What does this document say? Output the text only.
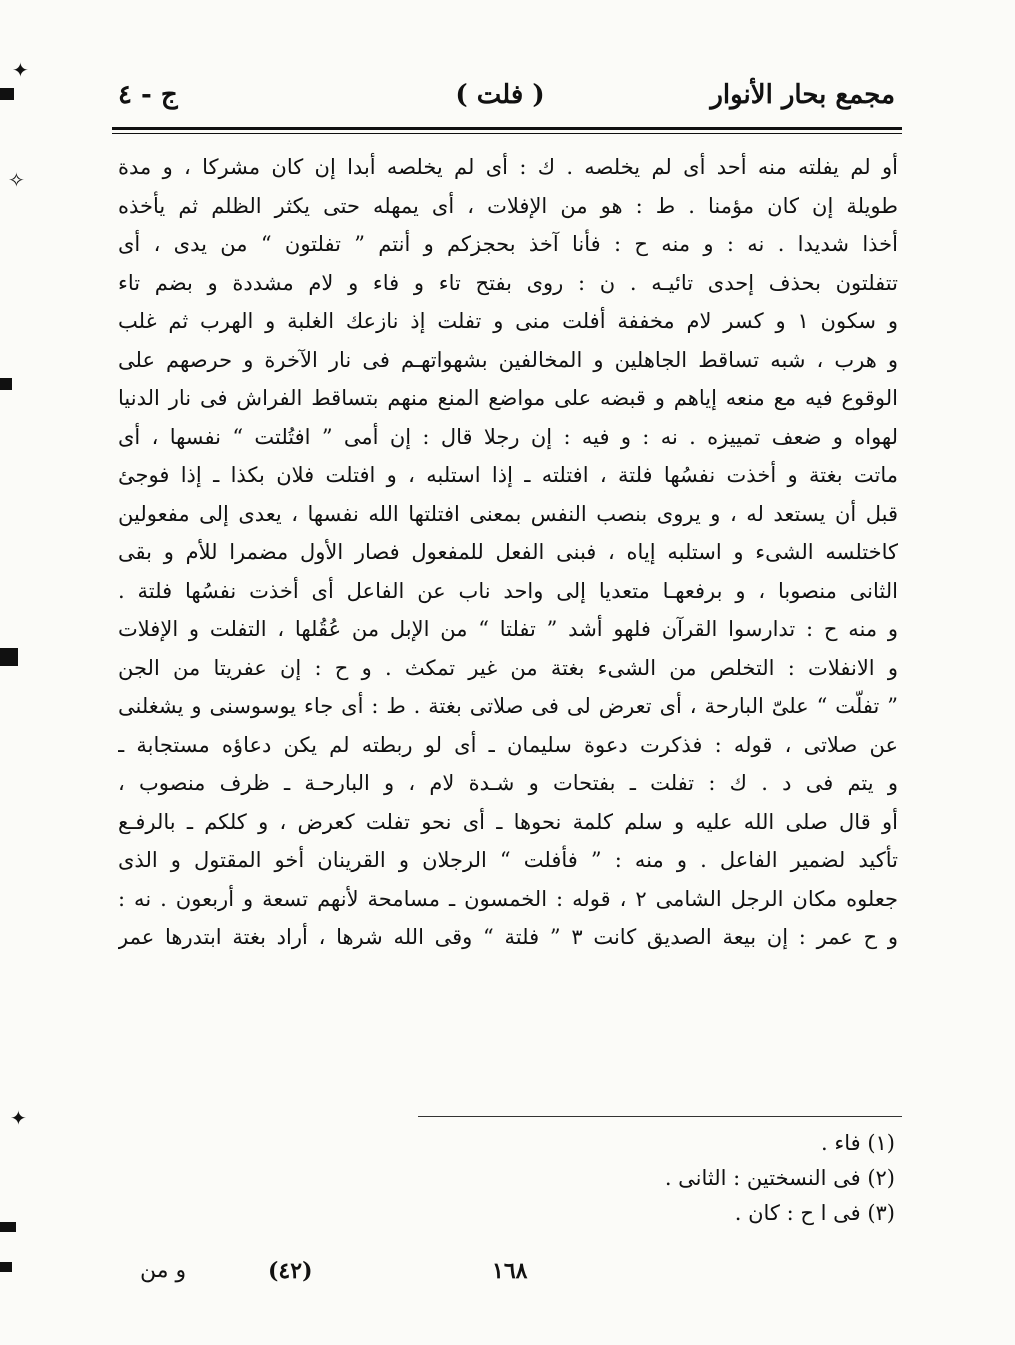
✦
✧
✦
مجمع بحار الأنوار
( فلت )
ج - ٤
أو لم يفلته منه أحد أى لم يخلصه . ك : أى لم يخلصه أبدا إن كان مشركا ، و مدة
طويلة إن كان مؤمنا . ط : هو من الإفلات ، أى يمهله حتى يكثر الظلم ثم يأخذه
أخذا شديدا . نه : و منه ح : فأنا آخذ بحجزكم و أنتم ” تفلتون “ من يدى ، أى
تتفلتون بحذف إحدى تائيـه . ن : روى بفتح تاء و فاء و لام مشددة و بضم تاء
و سكون ١ و كسر لام مخففة أفلت منى و تفلت إذ نازعك الغلبة و الهرب ثم غلب
و هرب ، شبه تساقط الجاهلين و المخالفين بشهواتهـم فى نار الآخرة و حرصهم على
الوقوع فيه مع منعه إياهم و قبضه على مواضع المنع منهم بتساقط الفراش فى نار الدنيا
لهواه و ضعف تمييزه . نه : و فيه : إن رجلا قال : إن أمى ” افتُلتت “ نفسها ، أى
ماتت بغتة و أخذت نفسُها فلتة ، افتلته ـ إذا استلبه ، و افتلت فلان بكذا ـ إذا فوجئ
قبل أن يستعد له ، و يروى بنصب النفس بمعنى افتلتها الله نفسها ، يعدى إلى مفعولين
كاختلسه الشىء و استلبه إياه ، فبنى الفعل للمفعول فصار الأول مضمرا للأم و بقى
الثانى منصوبا ، و برفعهـا متعديا إلى واحد ناب عن الفاعل أى أخذت نفسُها فلتة .
و منه ح : تدارسوا القرآن فلهو أشد ” تفلتا “ من الإبل من عُقُلها ، التفلت و الإفلات
و الانفلات : التخلص من الشىء بغتة من غير تمكث . و ح : إن عفريتا من الجن
” تفلّت “ علىّ البارحة ، أى تعرض لى فى صلاتى بغتة . ط : أى جاء يوسوسنى و يشغلنى
عن صلاتى ، قوله : فذكرت دعوة سليمان ـ أى لو ربطته لم يكن دعاؤه مستجابة ـ
و يتم فى د . ك : تفلت ـ بفتحات و شـدة لام ، و البارحـة ـ ظرف منصوب ،
أو قال صلى الله عليه و سلم كلمة نحوها ـ أى نحو تفلت كعرض ، و كلكم ـ بالرفـع
تأكيد لضمير الفاعل . و منه : ” فأفلت “ الرجلان و القرينان أخو المقتول و الذى
جعلوه مكان الرجل الشامى ٢ ، قوله : الخمسون ـ مسامحة لأنهم تسعة و أربعون . نه :
و ح عمر : إن بيعة الصديق كانت ٣ ” فلتة “ وقى الله شرها ، أراد بغتة ابتدرها عمر
(١) فاء .
(٢) فى النسختين : الثانى .
(٣) فى ا ح : كان .
١٦٨
(٤٢)
و من
